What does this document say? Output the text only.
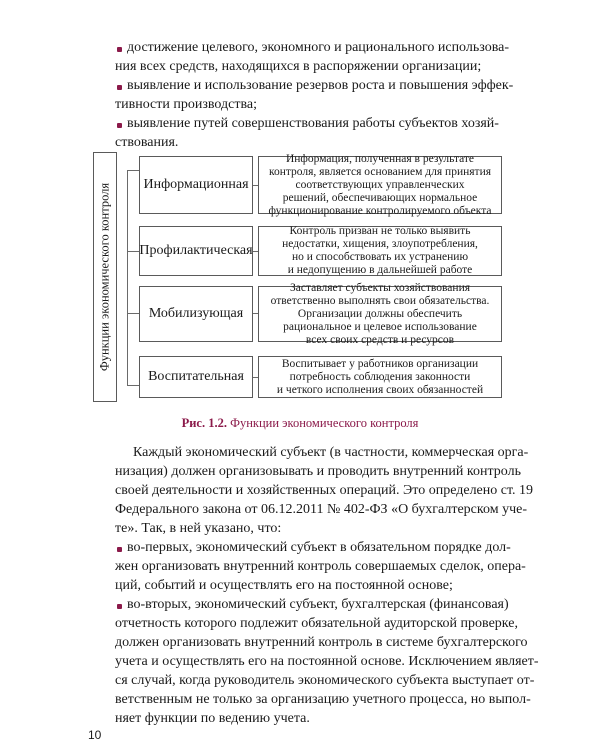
достижение целевого, экономного и рационального использова-

ния всех средств, находящихся в распоряжении организации;

выявление и использование резервов роста и повышения эффек-

тивности производства;

выявление путей совершенствования работы субъектов хозяй-

ствования.

Функции экономического контроля Информационная
Информация, полученная в результате
контроля, является основанием для принятия
соответствующих управленческих
решений, обеспечивающих нормальное
функционирование контролируемого объекта
Профилактическая
Контроль призван не только выявить
недостатки, хищения, злоупотребления,
но и способствовать их устранению
и недопущению в дальнейшей работе
Мобилизующая
Заставляет субъекты хозяйствования
ответственно выполнять свои обязательства.
Организации должны обеспечить
рациональное и целевое использование
всех своих средств и ресурсов
Воспитательная
Воспитывает у работников организации
потребность соблюдения законности
и четкого исполнения своих обязанностей
Рис. 1.2. Функции экономического контроля

Каждый экономический субъект (в частности, коммерческая орга-

низация) должен организовывать и проводить внутренний контроль

своей деятельности и хозяйственных операций. Это определено ст. 19

Федерального закона от 06.12.2011 № 402-ФЗ «О бухгалтерском уче-

те». Так, в ней указано, что:

во-первых, экономический субъект в обязательном порядке дол-

жен организовать внутренний контроль совершаемых сделок, опера-

ций, событий и осуществлять его на постоянной основе;

во-вторых, экономический субъект, бухгалтерская (финансовая)

отчетность которого подлежит обязательной аудиторской проверке,

должен организовать внутренний контроль в системе бухгалтерского

учета и осуществлять его на постоянной основе. Исключением являет-

ся случай, когда руководитель экономического субъекта выступает от-

ветственным не только за организацию учетного процесса, но выпол-

няет функции по ведению учета.

10
